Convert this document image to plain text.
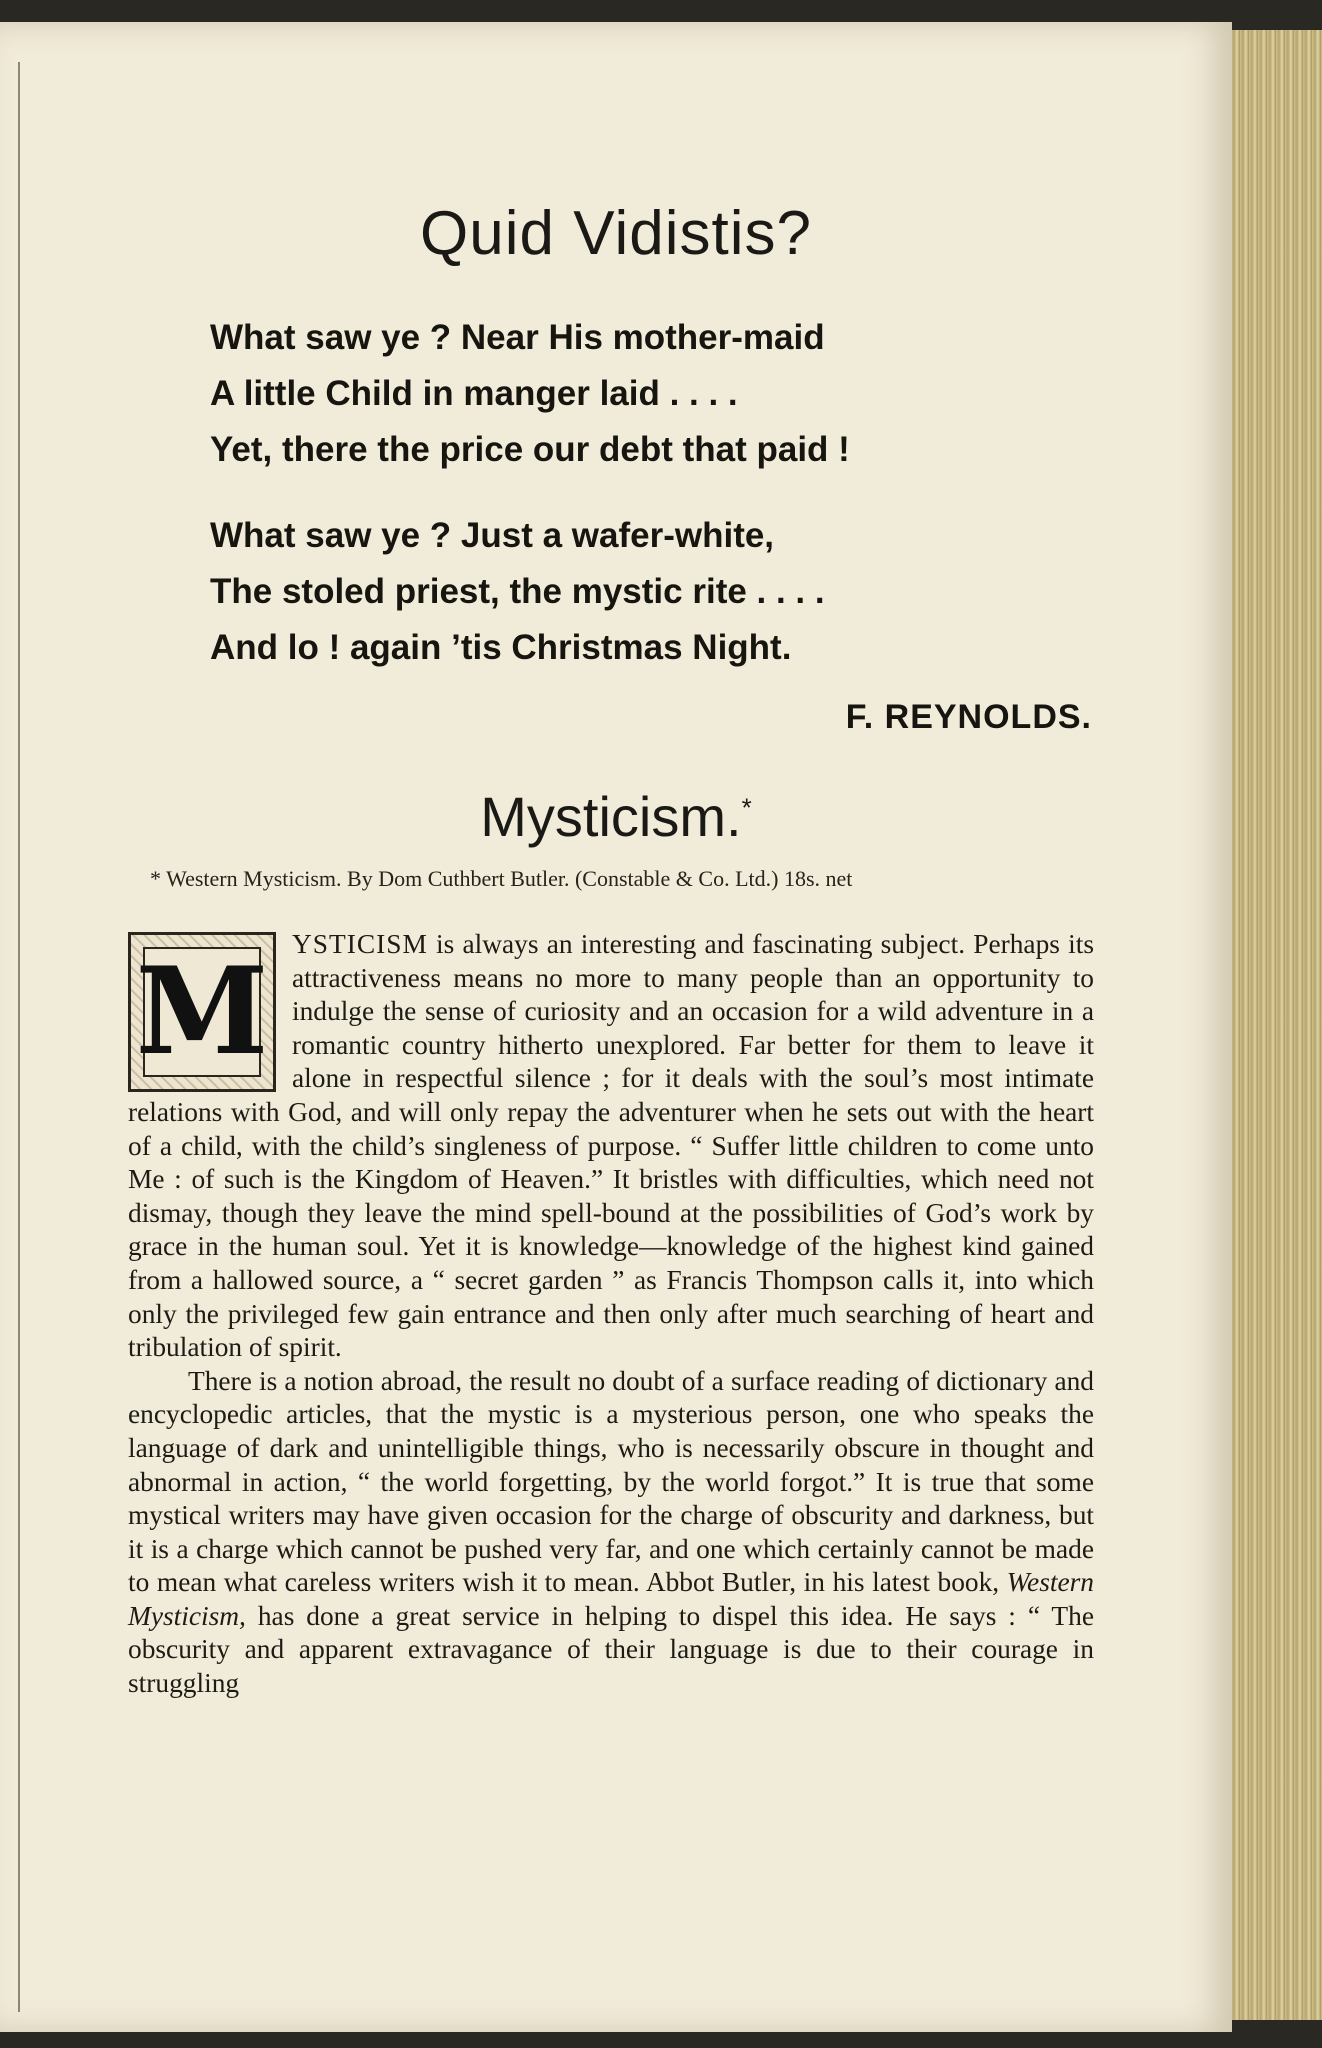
Quid Vidistis?
What saw ye ? Near His mother-maid
A little Child in manger laid . . . .
Yet, there the price our debt that paid !
What saw ye ? Just a wafer-white,
The stoled priest, the mystic rite . . . .
And lo ! again ’tis Christmas Night.
F. REYNOLDS.
Mysticism.*

* Western Mysticism. By Dom Cuthbert Butler. (Constable & Co. Ltd.) 18s. net

M YSTICISM is always an interesting and fascinating subject. Perhaps its attractiveness means no more to many people than an opportunity to indulge the sense of curiosity and an occasion for a wild adventure in a romantic country hitherto unexplored. Far better for them to leave it alone in respectful silence ; for it deals with the soul’s most intimate relations with God, and will only repay the adventurer when he sets out with the heart of a child, with the child’s singleness of purpose. “ Suffer little children to come unto Me : of such is the Kingdom of Heaven.” It bristles with difficulties, which need not dismay, though they leave the mind spell-bound at the possibilities of God’s work by grace in the human soul. Yet it is knowledge—knowledge of the highest kind gained from a hallowed source, a “ secret garden ” as Francis Thompson calls it, into which only the privileged few gain entrance and then only after much searching of heart and tribulation of spirit.

There is a notion abroad, the result no doubt of a surface reading of dictionary and encyclopedic articles, that the mystic is a mysterious person, one who speaks the language of dark and unintelligible things, who is necessarily obscure in thought and abnormal in action, “ the world forgetting, by the world forgot.” It is true that some mystical writers may have given occasion for the charge of obscurity and darkness, but it is a charge which cannot be pushed very far, and one which certainly cannot be made to mean what careless writers wish it to mean. Abbot Butler, in his latest book, Western Mysticism, has done a great service in helping to dispel this idea. He says : “ The obscurity and apparent extravagance of their language is due to their courage in struggling
